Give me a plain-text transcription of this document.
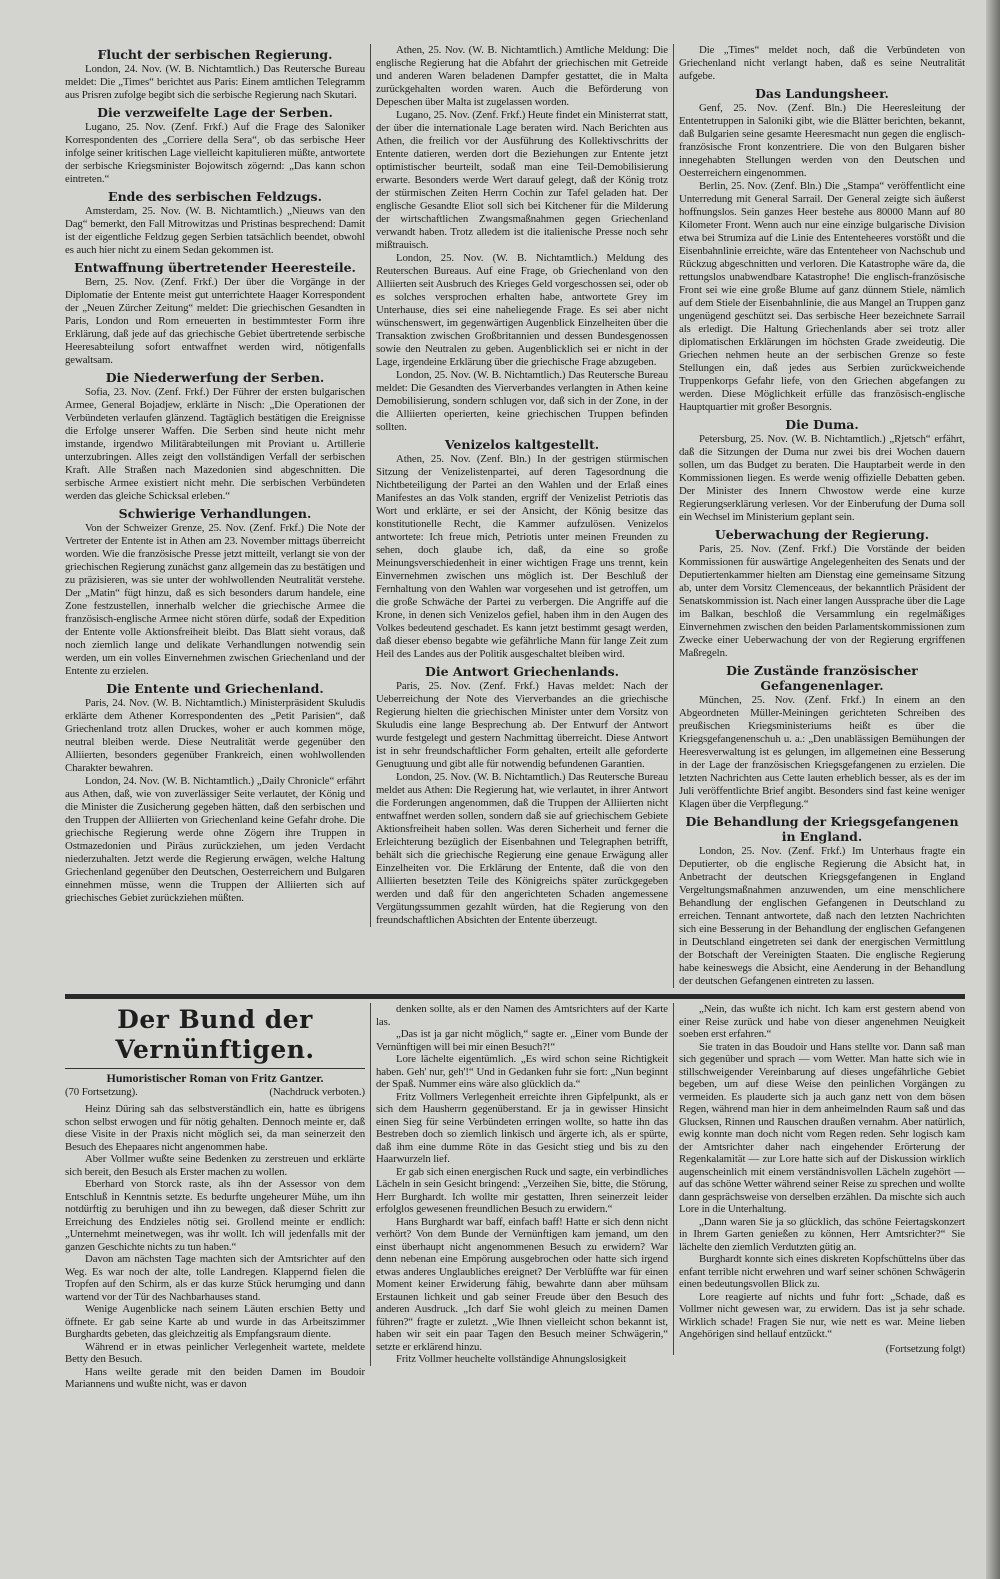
Flucht der serbischen Regierung.

London, 24. Nov. (W. B. Nichtamtlich.) Das Reutersche Bureau meldet: Die „Times“ berichtet aus Paris: Einem amtlichen Telegramm aus Prisren zufolge begibt sich die serbische Regierung nach Skutari.

Die verzweifelte Lage der Serben.

Lugano, 25. Nov. (Zenf. Frkf.) Auf die Frage des Saloniker Korrespondenten des „Corriere della Sera“, ob das serbische Heer infolge seiner kritischen Lage vielleicht kapitulieren müßte, antwortete der serbische Kriegsminister Bojowitsch zögernd: „Das kann schon eintreten.“

Ende des serbischen Feldzugs.

Amsterdam, 25. Nov. (W. B. Nichtamtlich.) „Nieuws van den Dag“ bemerkt, den Fall Mitrowitzas und Pristinas besprechend: Damit ist der eigentliche Feldzug gegen Serbien tatsächlich beendet, obwohl es auch hier nicht zu einem Sedan gekommen ist.

Entwaffnung übertretender Heeresteile.

Bern, 25. Nov. (Zenf. Frkf.) Der über die Vorgänge in der Diplomatie der Entente meist gut unterrichtete Haager Korrespondent der „Neuen Zürcher Zeitung“ meldet: Die griechischen Gesandten in Paris, London und Rom erneuerten in bestimmtester Form ihre Erklärung, daß jede auf das griechische Gebiet übertretende serbische Heeresabteilung sofort entwaffnet werden wird, nötigenfalls gewaltsam.

Die Niederwerfung der Serben.

Sofia, 23. Nov. (Zenf. Frkf.) Der Führer der ersten bulgarischen Armee, General Bojadjew, erklärte in Nisch: „Die Operationen der Verbündeten verlaufen glänzend. Tagtäglich bestätigen die Ereignisse die Erfolge unserer Waffen. Die Serben sind heute nicht mehr imstande, irgendwo Militärabteilungen mit Proviant u. Artillerie unterzubringen. Alles zeigt den vollständigen Verfall der serbischen Kraft. Alle Straßen nach Mazedonien sind abgeschnitten. Die serbische Armee existiert nicht mehr. Die serbischen Verbündeten werden das gleiche Schicksal erleben.“

Schwierige Verhandlungen.

Von der Schweizer Grenze, 25. Nov. (Zenf. Frkf.) Die Note der Vertreter der Entente ist in Athen am 23. November mittags überreicht worden. Wie die französische Presse jetzt mitteilt, verlangt sie von der griechischen Regierung zunächst ganz allgemein das zu bestätigen und zu präzisieren, was sie unter der wohlwollenden Neutralität verstehe. Der „Matin“ fügt hinzu, daß es sich besonders darum handele, eine Zone festzustellen, innerhalb welcher die griechische Armee die französisch-englische Armee nicht stören dürfe, sodaß der Expedition der Entente volle Aktionsfreiheit bleibt. Das Blatt sieht voraus, daß noch ziemlich lange und delikate Verhandlungen notwendig sein werden, um ein volles Einvernehmen zwischen Griechenland und der Entente zu erzielen.

Die Entente und Griechenland.

Paris, 24. Nov. (W. B. Nichtamtlich.) Ministerpräsident Skuludis erklärte dem Athener Korrespondenten des „Petit Parisien“, daß Griechenland trotz allen Druckes, woher er auch kommen möge, neutral bleiben werde. Diese Neutralität werde gegenüber den Alliierten, besonders gegenüber Frankreich, einen wohlwollenden Charakter bewahren.

London, 24. Nov. (W. B. Nichtamtlich.) „Daily Chronicle“ erfährt aus Athen, daß, wie von zuverlässiger Seite verlautet, der König und die Minister die Zusicherung gegeben hätten, daß den serbischen und den Truppen der Alliierten von Griechenland keine Gefahr drohe. Die griechische Regierung werde ohne Zögern ihre Truppen in Ostmazedonien und Piräus zurückziehen, um jeden Verdacht niederzuhalten. Jetzt werde die Regierung erwägen, welche Haltung Griechenland gegenüber den Deutschen, Oesterreichern und Bulgaren einnehmen müsse, wenn die Truppen der Alliierten sich auf griechisches Gebiet zurückziehen müßten.

Athen, 25. Nov. (W. B. Nichtamtlich.) Amtliche Meldung: Die englische Regierung hat die Abfahrt der griechischen mit Getreide und anderen Waren beladenen Dampfer gestattet, die in Malta zurückgehalten worden waren. Auch die Beförderung von Depeschen über Malta ist zugelassen worden.

Lugano, 25. Nov. (Zenf. Frkf.) Heute findet ein Ministerrat statt, der über die internationale Lage beraten wird. Nach Berichten aus Athen, die freilich vor der Ausführung des Kollektivschritts der Entente datieren, werden dort die Beziehungen zur Entente jetzt optimistischer beurteilt, sodaß man eine Teil-Demobilisierung erwarte. Besonders werde Wert darauf gelegt, daß der König trotz der stürmischen Zeiten Herrn Cochin zur Tafel geladen hat. Der englische Gesandte Eliot soll sich bei Kitchener für die Milderung der wirtschaftlichen Zwangsmaßnahmen gegen Griechenland verwandt haben. Trotz alledem ist die italienische Presse noch sehr mißtrauisch.

London, 25. Nov. (W. B. Nichtamtlich.) Meldung des Reuterschen Bureaus. Auf eine Frage, ob Griechenland von den Alliierten seit Ausbruch des Krieges Geld vorgeschossen sei, oder ob es solches versprochen erhalten habe, antwortete Grey im Unterhause, dies sei eine naheliegende Frage. Es sei aber nicht wünschenswert, im gegenwärtigen Augenblick Einzelheiten über die Transaktion zwischen Großbritannien und dessen Bundesgenossen sowie den Neutralen zu geben. Augenblicklich sei er nicht in der Lage, irgendeine Erklärung über die griechische Frage abzugeben.

London, 25. Nov. (W. B. Nichtamtlich.) Das Reutersche Bureau meldet: Die Gesandten des Vierverbandes verlangten in Athen keine Demobilisierung, sondern schlugen vor, daß sich in der Zone, in der die Alliierten operierten, keine griechischen Truppen befinden sollten.

Venizelos kaltgestellt.

Athen, 25. Nov. (Zenf. Bln.) In der gestrigen stürmischen Sitzung der Venizelistenpartei, auf deren Tagesordnung die Nichtbeteiligung der Partei an den Wahlen und der Erlaß eines Manifestes an das Volk standen, ergriff der Venizelist Petriotis das Wort und erklärte, er sei der Ansicht, der König besitze das konstitutionelle Recht, die Kammer aufzulösen. Venizelos antwortete: Ich freue mich, Petriotis unter meinen Freunden zu sehen, doch glaube ich, daß, da eine so große Meinungsverschiedenheit in einer wichtigen Frage uns trennt, kein Einvernehmen zwischen uns möglich ist. Der Beschluß der Fernhaltung von den Wahlen war vorgesehen und ist getroffen, um die große Schwäche der Partei zu verbergen. Die Angriffe auf die Krone, in denen sich Venizelos gefiel, haben ihm in den Augen des Volkes bedeutend geschadet. Es kann jetzt bestimmt gesagt werden, daß dieser ebenso begabte wie gefährliche Mann für lange Zeit zum Heil des Landes aus der Politik ausgeschaltet bleiben wird.

Die Antwort Griechenlands.

Paris, 25. Nov. (Zenf. Frkf.) Havas meldet: Nach der Ueberreichung der Note des Vierverbandes an die griechische Regierung hielten die griechischen Minister unter dem Vorsitz von Skuludis eine lange Besprechung ab. Der Entwurf der Antwort wurde festgelegt und gestern Nachmittag überreicht. Diese Antwort ist in sehr freundschaftlicher Form gehalten, erteilt alle geforderte Genugtuung und gibt alle für notwendig befundenen Garantien.

London, 25. Nov. (W. B. Nichtamtlich.) Das Reutersche Bureau meldet aus Athen: Die Regierung hat, wie verlautet, in ihrer Antwort die Forderungen angenommen, daß die Truppen der Alliierten nicht entwaffnet werden sollen, sondern daß sie auf griechischem Gebiete Aktionsfreiheit haben sollen. Was deren Sicherheit und ferner die Erleichterung bezüglich der Eisenbahnen und Telegraphen betrifft, behält sich die griechische Regierung eine genaue Erwägung aller Einzelheiten vor. Die Erklärung der Entente, daß die von den Alliierten besetzten Teile des Königreichs später zurückgegeben werden und daß für den angerichteten Schaden angemessene Vergütungssummen gezahlt würden, hat die Regierung von den freundschaftlichen Absichten der Entente überzeugt.

Die „Times“ meldet noch, daß die Verbündeten von Griechenland nicht verlangt haben, daß es seine Neutralität aufgebe.

Das Landungsheer.

Genf, 25. Nov. (Zenf. Bln.) Die Heeresleitung der Ententetruppen in Saloniki gibt, wie die Blätter berichten, bekannt, daß Bulgarien seine gesamte Heeresmacht nun gegen die englisch-französische Front konzentriere. Die von den Bulgaren bisher innegehabten Stellungen werden von den Deutschen und Oesterreichern eingenommen.

Berlin, 25. Nov. (Zenf. Bln.) Die „Stampa“ veröffentlicht eine Unterredung mit General Sarrail. Der General zeigte sich äußerst hoffnungslos. Sein ganzes Heer bestehe aus 80000 Mann auf 80 Kilometer Front. Wenn auch nur eine einzige bulgarische Division etwa bei Strumiza auf die Linie des Ententeheeres vorstößt und die Eisenbahnlinie erreichte, wäre das Ententeheer von Nachschub und Rückzug abgeschnitten und verloren. Die Katastrophe wäre da, die rettungslos unabwendbare Katastrophe! Die englisch-französische Front sei wie eine große Blume auf ganz dünnem Stiele, nämlich auf dem Stiele der Eisenbahnlinie, die aus Mangel an Truppen ganz ungenügend geschützt sei. Das serbische Heer bezeichnete Sarrail als erledigt. Die Haltung Griechenlands aber sei trotz aller diplomatischen Erklärungen im höchsten Grade zweideutig. Die Griechen nehmen heute an der serbischen Grenze so feste Stellungen ein, daß jedes aus Serbien zurückweichende Truppenkorps Gefahr liefe, von den Griechen abgefangen zu werden. Diese Möglichkeit erfülle das französisch-englische Hauptquartier mit großer Besorgnis.

Die Duma.

Petersburg, 25. Nov. (W. B. Nichtamtlich.) „Rjetsch“ erfährt, daß die Sitzungen der Duma nur zwei bis drei Wochen dauern sollen, um das Budget zu beraten. Die Hauptarbeit werde in den Kommissionen liegen. Es werde wenig offizielle Debatten geben. Der Minister des Innern Chwostow werde eine kurze Regierungserklärung verlesen. Vor der Einberufung der Duma soll ein Wechsel im Ministerium geplant sein.

Ueberwachung der Regierung.

Paris, 25. Nov. (Zenf. Frkf.) Die Vorstände der beiden Kommissionen für auswärtige Angelegenheiten des Senats und der Deputiertenkammer hielten am Dienstag eine gemeinsame Sitzung ab, unter dem Vorsitz Clemenceaus, der bekanntlich Präsident der Senatskommission ist. Nach einer langen Aussprache über die Lage im Balkan, beschloß die Versammlung ein regelmäßiges Einvernehmen zwischen den beiden Parlamentskommissionen zum Zwecke einer Ueberwachung der von der Regierung ergriffenen Maßregeln.

Die Zustände französischer Gefangenenlager.

München, 25. Nov. (Zenf. Frkf.) In einem an den Abgeordneten Müller-Meiningen gerichteten Schreiben des preußischen Kriegsministeriums heißt es über die Kriegsgefangenenschuh u. a.: „Den unablässigen Bemühungen der Heeresverwaltung ist es gelungen, im allgemeinen eine Besserung in der Lage der französischen Kriegsgefangenen zu erzielen. Die letzten Nachrichten aus Cette lauten erheblich besser, als es der im Juli veröffentlichte Brief angibt. Besonders sind fast keine weniger Klagen über die Verpflegung.“

Die Behandlung der Kriegsgefangenen in England.

London, 25. Nov. (Zenf. Frkf.) Im Unterhaus fragte ein Deputierter, ob die englische Regierung die Absicht hat, in Anbetracht der deutschen Kriegsgefangenen in England Vergeltungsmaßnahmen anzuwenden, um eine menschlichere Behandlung der englischen Gefangenen in Deutschland zu erreichen. Tennant antwortete, daß nach den letzten Nachrichten sich eine Besserung in der Behandlung der englischen Gefangenen in Deutschland eingetreten sei dank der energischen Vermittlung der Botschaft der Vereinigten Staaten. Die englische Regierung habe keineswegs die Absicht, eine Aenderung in der Behandlung der deutschen Gefangenen eintreten zu lassen.

Der Bund der Vernünftigen.
Humoristischer Roman von Fritz Gantzer.
(70 Fortsetzung).	(Nachdruck verboten.)

Heinz Düring sah das selbstverständlich ein, hatte es übrigens schon selbst erwogen und für nötig gehalten. Dennoch meinte er, daß diese Visite in der Praxis nicht möglich sei, da man seinerzeit den Besuch des Ehepaares nicht angenommen habe.

Aber Vollmer wußte seine Bedenken zu zerstreuen und erklärte sich bereit, den Besuch als Erster machen zu wollen.

Eberhard von Storck raste, als ihn der Assessor von dem Entschluß in Kenntnis setzte. Es bedurfte ungeheurer Mühe, um ihn notdürftig zu beruhigen und ihn zu bewegen, daß dieser Schritt zur Erreichung des Endzieles nötig sei. Grollend meinte er endlich: „Unternehmt meinetwegen, was ihr wollt. Ich will jedenfalls mit der ganzen Geschichte nichts zu tun haben.“

Davon am nächsten Tage machten sich der Amtsrichter auf den Weg. Es war noch der alte, tolle Landregen. Klappernd fielen die Tropfen auf den Schirm, als er das kurze Stück herumging und dann wartend vor der Tür des Nachbarhauses stand.

Wenige Augenblicke nach seinem Läuten erschien Betty und öffnete. Er gab seine Karte ab und wurde in das Arbeitszimmer Burghardts gebeten, das gleichzeitig als Empfangsraum diente.

Während er in etwas peinlicher Verlegenheit wartete, meldete Betty den Besuch.

Hans weilte gerade mit den beiden Damen im Boudoir Mariannens und wußte nicht, was er davon

denken sollte, als er den Namen des Amtsrichters auf der Karte las.

„Das ist ja gar nicht möglich,“ sagte er. „Einer vom Bunde der Vernünftigen will bei mir einen Besuch?!“

Lore lächelte eigentümlich. „Es wird schon seine Richtigkeit haben. Geh' nur, geh'!“ Und in Gedanken fuhr sie fort: „Nun beginnt der Spaß. Nummer eins wäre also glücklich da.“

Fritz Vollmers Verlegenheit erreichte ihren Gipfelpunkt, als er sich dem Hausherrn gegenüberstand. Er ja in gewisser Hinsicht einen Sieg für seine Verbündeten erringen wollte, so hatte ihn das Bestreben doch so ziemlich linkisch und ärgerte ich, als er spürte, daß ihm eine dumme Röte in das Gesicht stieg und bis zu den Haarwurzeln lief.

Er gab sich einen energischen Ruck und sagte, ein verbindliches Lächeln in sein Gesicht bringend: „Verzeihen Sie, bitte, die Störung, Herr Burghardt. Ich wollte mir gestatten, Ihren seinerzeit leider erfolglos gewesenen freundlichen Besuch zu erwidern.“

Hans Burghardt war baff, einfach baff! Hatte er sich denn nicht verhört? Von dem Bunde der Vernünftigen kam jemand, um den einst überhaupt nicht angenommenen Besuch zu erwidern? War denn nebenan eine Empörung ausgebrochen oder hatte sich irgend etwas anderes Unglaubliches ereignet? Der Verblüffte war für einen Moment keiner Erwiderung fähig, bewahrte dann aber mühsam Erstaunen lichkeit und gab seiner Freude über den Besuch des anderen Ausdruck. „Ich darf Sie wohl gleich zu meinen Damen führen?“ fragte er zuletzt. „Wie Ihnen vielleicht schon bekannt ist, haben wir seit ein paar Tagen den Besuch meiner Schwägerin,“ setzte er erklärend hinzu.

Fritz Vollmer heuchelte vollständige Ahnungslosigkeit

„Nein, das wußte ich nicht. Ich kam erst gestern abend von einer Reise zurück und habe von dieser angenehmen Neuigkeit soeben erst erfahren.“

Sie traten in das Boudoir und Hans stellte vor. Dann saß man sich gegenüber und sprach — vom Wetter. Man hatte sich wie in stillschweigender Vereinbarung auf dieses ungefährliche Gebiet begeben, um auf diese Weise den peinlichen Vorgängen zu vermeiden. Es plauderte sich ja auch ganz nett von dem bösen Regen, während man hier in dem anheimelnden Raum saß und das Glucksen, Rinnen und Rauschen draußen vernahm. Aber natürlich, ewig konnte man doch nicht vom Regen reden. Sehr logisch kam der Amtsrichter daher nach eingehender Erörterung der Regenkalamität — zur Lore hatte sich auf der Diskussion wirklich augenscheinlich mit einem verständnisvollen Lächeln zugehört — auf das schöne Wetter während seiner Reise zu sprechen und wollte dann gesprächsweise von derselben erzählen. Da mischte sich auch Lore in die Unterhaltung.

„Dann waren Sie ja so glücklich, das schöne Feiertagskonzert in Ihrem Garten genießen zu können, Herr Amtsrichter?“ Sie lächelte den ziemlich Verdutzten gütig an.

Burghardt konnte sich eines diskreten Kopfschüttelns über das enfant terrible nicht erwehren und warf seiner schönen Schwägerin einen bedeutungsvollen Blick zu.

Lore reagierte auf nichts und fuhr fort: „Schade, daß es Vollmer nicht gewesen war, zu erwidern. Das ist ja sehr schade. Wirklich schade! Fragen Sie nur, wie nett es war. Meine lieben Angehörigen sind hellauf entzückt.“

(Fortsetzung folgt)
